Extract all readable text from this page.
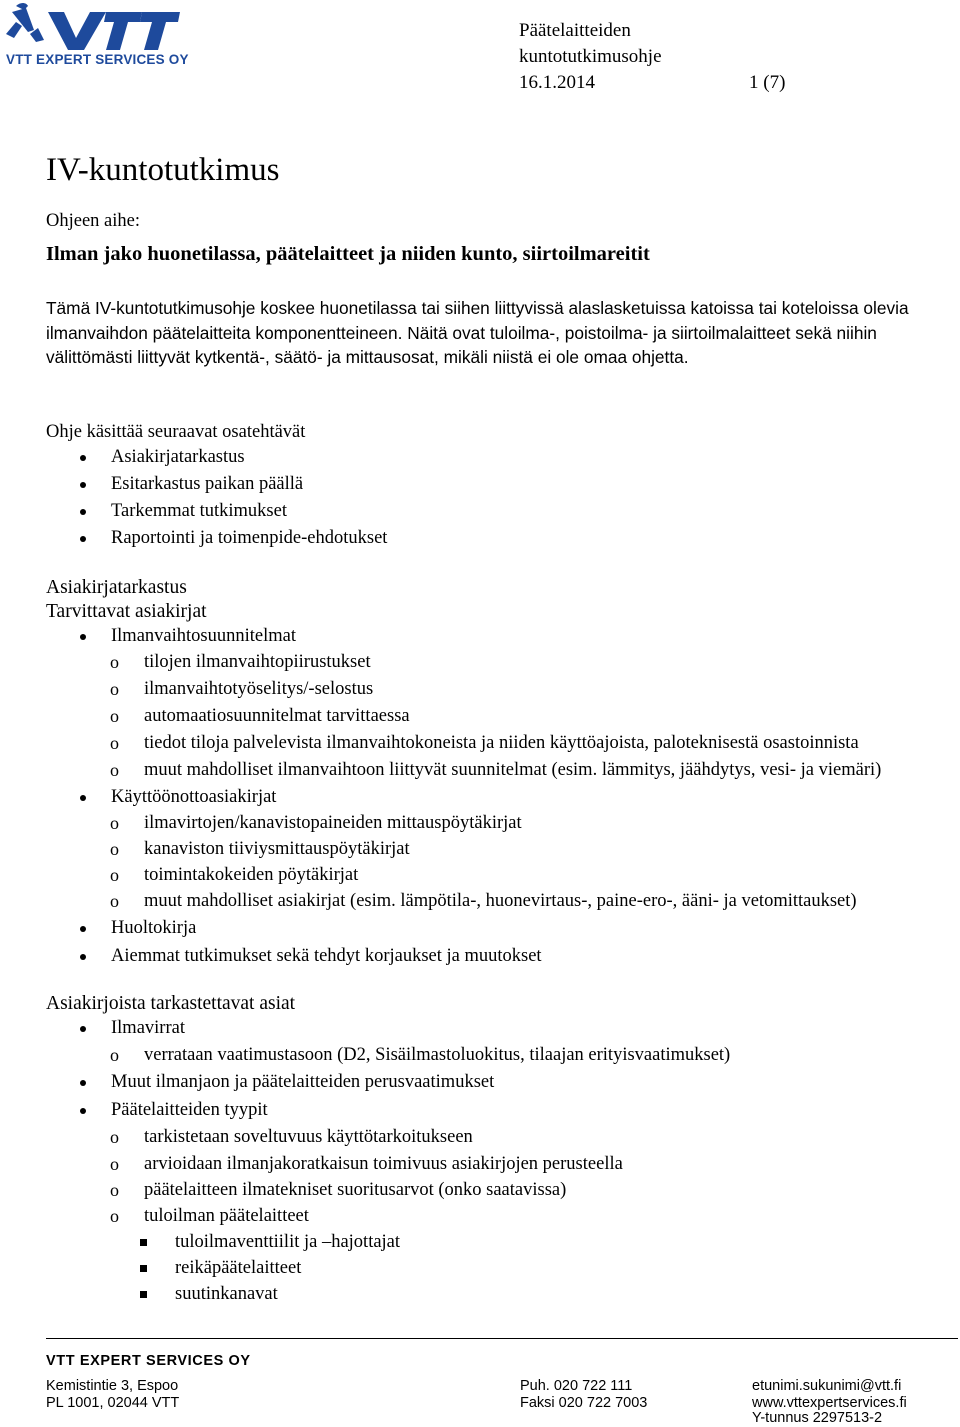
VTT EXPERT SERVICES OY
Päätelaitteiden
kuntotutkimusohje
16.1.2014	1 (7)
IV-kuntotutkimus
Ohjeen aihe:
Ilman jako huonetilassa, päätelaitteet ja niiden kunto, siirtoilmareitit
Tämä IV-kuntotutkimusohje koskee huonetilassa tai siihen liittyvissä alaslasketuissa katoissa tai koteloissa olevia ilmanvaihdon päätelaitteita komponentteineen. Näitä ovat tuloilma-, poistoilma- ja siirtoilmalaitteet sekä niihin välittömästi liittyvät kytkentä-, säätö- ja mittausosat, mikäli niistä ei ole omaa ohjetta.
Ohje käsittää seuraavat osatehtävät
Asiakirjatarkastus
Esitarkastus paikan päällä
Tarkemmat tutkimukset
Raportointi ja toimenpide-ehdotukset
Asiakirjatarkastus
Tarvittavat asiakirjat
Ilmanvaihtosuunnitelmat
o tilojen ilmanvaihtopiirustukset
o ilmanvaihtotyöselitys/-selostus
o automaatiosuunnitelmat tarvittaessa
o tiedot tiloja palvelevista ilmanvaihtokoneista ja niiden käyttöajoista, paloteknisestä osastoinnista
o muut mahdolliset ilmanvaihtoon liittyvät suunnitelmat (esim. lämmitys, jäähdytys, vesi- ja viemäri)
Käyttöönottoasiakirjat
o ilmavirtojen/kanavistopaineiden mittauspöytäkirjat
o kanaviston tiiviysmittauspöytäkirjat
o toimintakokeiden pöytäkirjat
o muut mahdolliset asiakirjat (esim. lämpötila-, huonevirtaus-, paine-ero-, ääni- ja vetomittaukset)
Huoltokirja
Aiemmat tutkimukset sekä tehdyt korjaukset ja muutokset
Asiakirjoista tarkastettavat asiat
Ilmavirrat
o verrataan vaatimustasoon (D2, Sisäilmastoluokitus, tilaajan erityisvaatimukset)
Muut ilmanjaon ja päätelaitteiden perusvaatimukset
Päätelaitteiden tyypit
o tarkistetaan soveltuvuus käyttötarkoitukseen
o arvioidaan ilmanjakoratkaisun toimivuus asiakirjojen perusteella
o päätelaitteen ilmatekniset suoritusarvot (onko saatavissa)
o tuloilman päätelaitteet
tuloilmaventtiilit ja –hajottajat
reikäpäätelaitteet
suutinkanavat
VTT EXPERT SERVICES OY
Kemistintie 3, Espoo
PL 1001, 02044 VTT
Puh. 020 722 111
Faksi 020 722 7003
etunimi.sukunimi@vtt.fi
www.vttexpertservices.fi
Y-tunnus 2297513-2
